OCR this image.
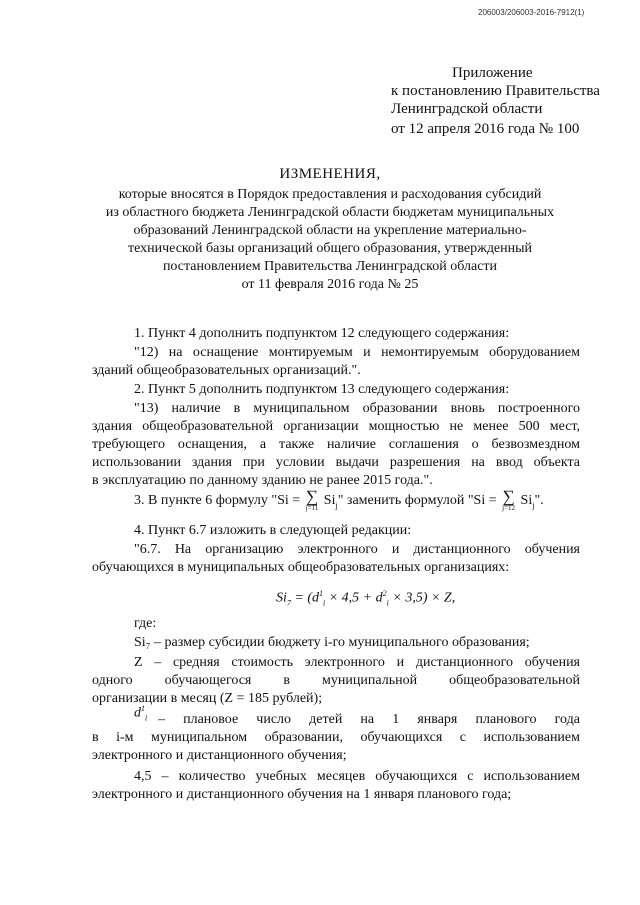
206003/206003-2016-7912(1)
Приложение
к постановлению Правительства
Ленинградской области
от 12 апреля 2016 года № 100
ИЗМЕНЕНИЯ,
которые вносятся в Порядок предоставления и расходования субсидий
из областного бюджета Ленинградской области бюджетам муниципальных
образований Ленинградской области на укрепление материально-
технической базы организаций общего образования, утвержденный
постановлением Правительства Ленинградской области
от 11 февраля 2016 года № 25
1. Пункт 4 дополнить подпунктом 12 следующего содержания:
"12) на оснащение монтируемым и немонтируемым оборудованием
зданий общеобразовательных организаций.".
2. Пункт 5 дополнить подпунктом 13 следующего содержания:
"13) наличие в муниципальном образовании вновь построенного
здания общеобразовательной организации мощностью не менее 500 мест,
требующего оснащения, а также наличие соглашения о безвозмездном
использовании здания при условии выдачи разрешения на ввод объекта
в эксплуатацию по данному зданию не ранее 2015 года.".
3. В пункте 6 формулу " Si = ∑
j=11 $Si_j$ " заменить формулой " Si = ∑
j=12 $Si_j$ ".
4. Пункт 6.7 изложить в следующей редакции:
"6.7. На организацию электронного и дистанционного обучения
обучающихся в муниципальных общеобразовательных организациях:
$Si_7 = (d^1_i \times 4,5 + d^2_i \times 3,5) \times Z$,
где:
Si₇ – размер субсидии бюджету i-го муниципального образования;
Z – средняя стоимость электронного и дистанционного обучения
одного обучающегося в муниципальной общеобразовательной
организации в месяц (Z = 185 рублей);
$d^1_i$ – плановое число детей на 1 января планового года
в i-м муниципальном образовании, обучающихся с использованием
электронного и дистанционного обучения;
4,5 – количество учебных месяцев обучающихся с использованием
электронного и дистанционного обучения на 1 января планового года;
